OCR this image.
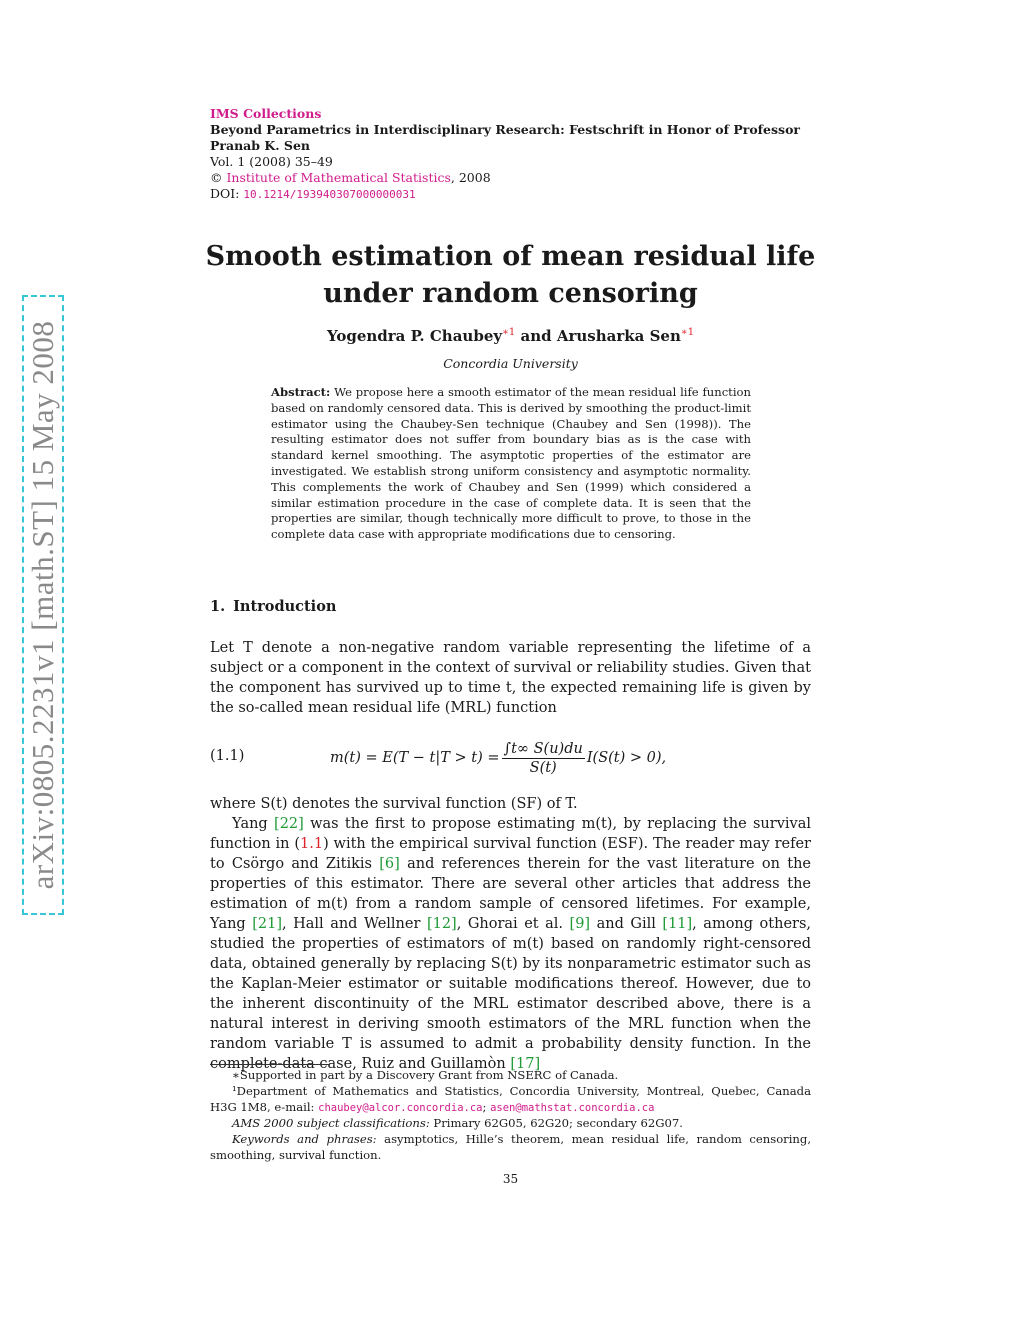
arXiv:0805.2231v1 [math.ST] 15 May 2008
IMS Collections
Beyond Parametrics in Interdisciplinary Research: Festschrift in Honor of Professor Pranab K. Sen
Vol. 1 (2008) 35–49
© Institute of Mathematical Statistics, 2008
DOI: 10.1214/193940307000000031
Smooth estimation of mean residual life
under random censoring
Yogendra P. Chaubey$^{∗1}$ and Arusharka Sen$^{∗1}$
Concordia University
Abstract: We propose here a smooth estimator of the mean residual life function based on randomly censored data. This is derived by smoothing the product-limit estimator using the Chaubey-Sen technique (Chaubey and Sen (1998)). The resulting estimator does not suffer from boundary bias as is the case with standard kernel smoothing. The asymptotic properties of the estimator are investigated. We establish strong uniform consistency and asymptotic normality. This complements the work of Chaubey and Sen (1999) which considered a similar estimation procedure in the case of complete data. It is seen that the properties are similar, though technically more difficult to prove, to those in the complete data case with appropriate modifications due to censoring.
1. Introduction
Let T denote a non-negative random variable representing the lifetime of a subject or a component in the context of survival or reliability studies. Given that the component has survived up to time t, the expected remaining life is given by the so-called mean residual life (MRL) function
(1.1)	$m(t) = E(T - t|T > t) = \frac{\int t\infty S(u)du}{S(t)} I(S(t) > 0)$,
where S(t) denotes the survival function (SF) of T.
Yang [22] was the first to propose estimating m(t), by replacing the survival function in (1.1) with the empirical survival function (ESF). The reader may refer to Csörgo and Zitikis [6] and references therein for the vast literature on the properties of this estimator. There are several other articles that address the estimation of m(t) from a random sample of censored lifetimes. For example, Yang [21], Hall and Wellner [12], Ghorai et al. [9] and Gill [11], among others, studied the properties of estimators of m(t) based on randomly right-censored data, obtained generally by replacing S(t) by its nonparametric estimator such as the Kaplan-Meier estimator or suitable modifications thereof. However, due to the inherent discontinuity of the MRL estimator described above, there is a natural interest in deriving smooth estimators of the MRL function when the random variable T is assumed to admit a probability density function. In the complete-data case, Ruiz and Guillamòn [17]
∗Supported in part by a Discovery Grant from NSERC of Canada.
¹Department of Mathematics and Statistics, Concordia University, Montreal, Quebec, Canada H3G 1M8, e-mail: chaubey@alcor.concordia.ca; asen@mathstat.concordia.ca
AMS 2000 subject classifications: Primary 62G05, 62G20; secondary 62G07.
Keywords and phrases: asymptotics, Hille’s theorem, mean residual life, random censoring, smoothing, survival function.
35
